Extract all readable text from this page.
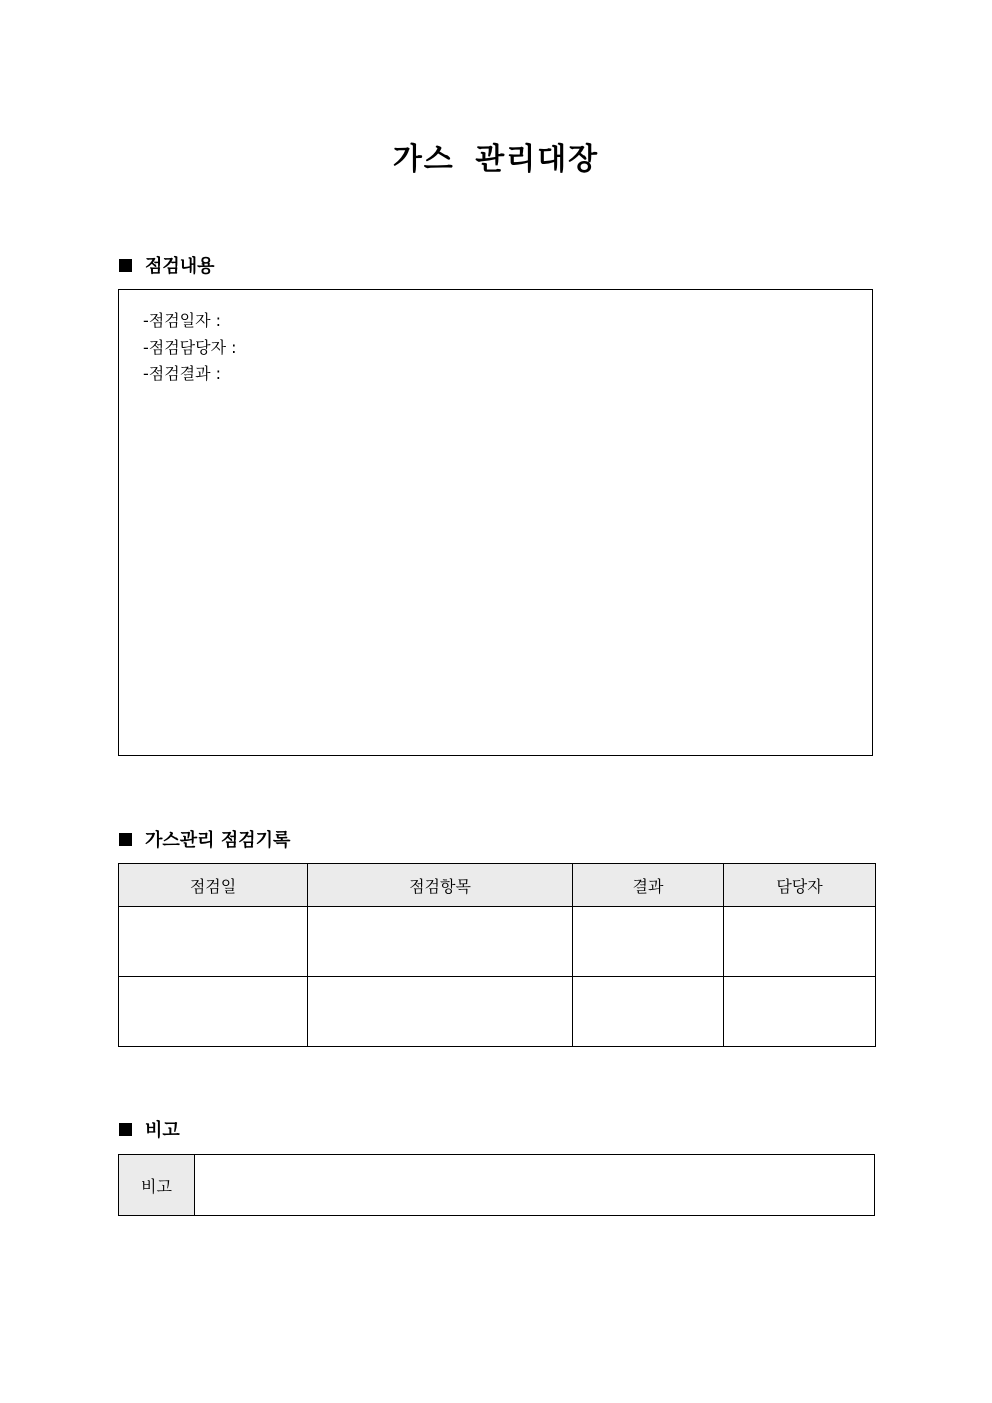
가스 관리대장
점검내용
-점검일자 :
-점검담당자 :
-점검결과 :
가스관리 점검기록
점검일	점검항목	결과	담당자

비고
비고	
